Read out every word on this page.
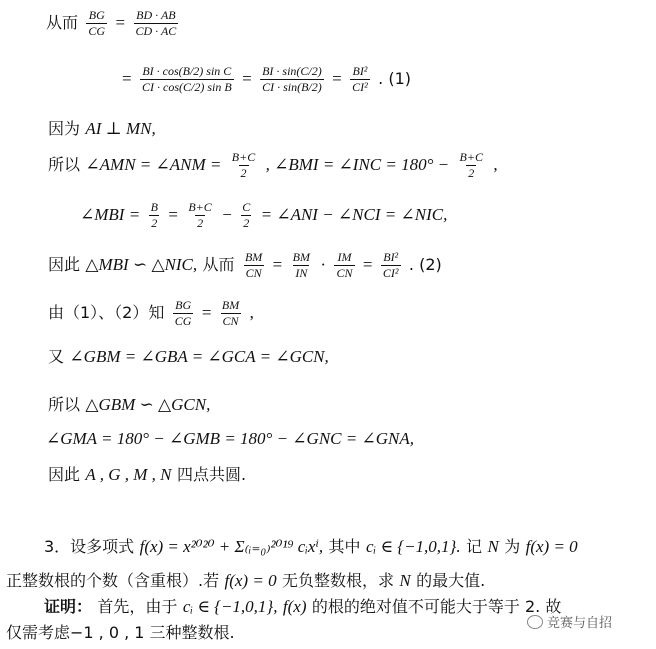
从而 $\frac{BG}{CG} = \frac{BD \cdot AB}{CD \cdot AC}$
= $\frac{\text{BI · cos(B/2) sin C}}{\text{CI · cos(C/2) sin B}} = \frac{BI \cdot \sin(C/2)}{CI \cdot \sin(B/2)} = \frac{\text{BI²}}{\text{CI²}}$ . (1)
因为 AI ⊥ MN,
所以 ∠AMN = ∠ANM = $\frac{B+C}{2}$ , ∠BMI = ∠INC = $180^\circ - \frac{B+C}{2}$ ,
∠MBI = $\frac{B}{2} = \frac{B+C}{2} - \frac{C}{2}$ = ∠ANI − ∠NCI = ∠NIC,
因此 △MBI ∽ △NIC, 从而 $\frac{BM}{CN} = \frac{BM}{IN} \cdot \frac{IM}{CN} = \frac{\text{BI²}}{\text{CI²}}$ . (2)
由（1）、（2）知 $\frac{BG}{CG} = \frac{BM}{CN}$ ,
又 ∠GBM = ∠GBA = ∠GCA = ∠GCN,
所以 △GBM ∽ △GCN,
∠GMA = 180° − ∠GMB = 180° − ∠GNC = ∠GNA,
因此 A , G , M , N 四点共圆.
3．设多项式 f(x) = x²⁰²⁰ + Σ₍ᵢ₌₀₎²⁰¹⁹ cᵢxⁱ, 其中 cᵢ ∈ {−1,0,1}. 记 N 为 f(x) = 0
正整数根的个数（含重根）.若 f(x) = 0 无负整数根，求 N 的最大值.
证明： 首先，由于 cᵢ ∈ {−1,0,1}, f(x) 的根的绝对值不可能大于等于 2. 故
仅需考虑−1 , 0 , 1 三种整数根.	竞赛与自招
